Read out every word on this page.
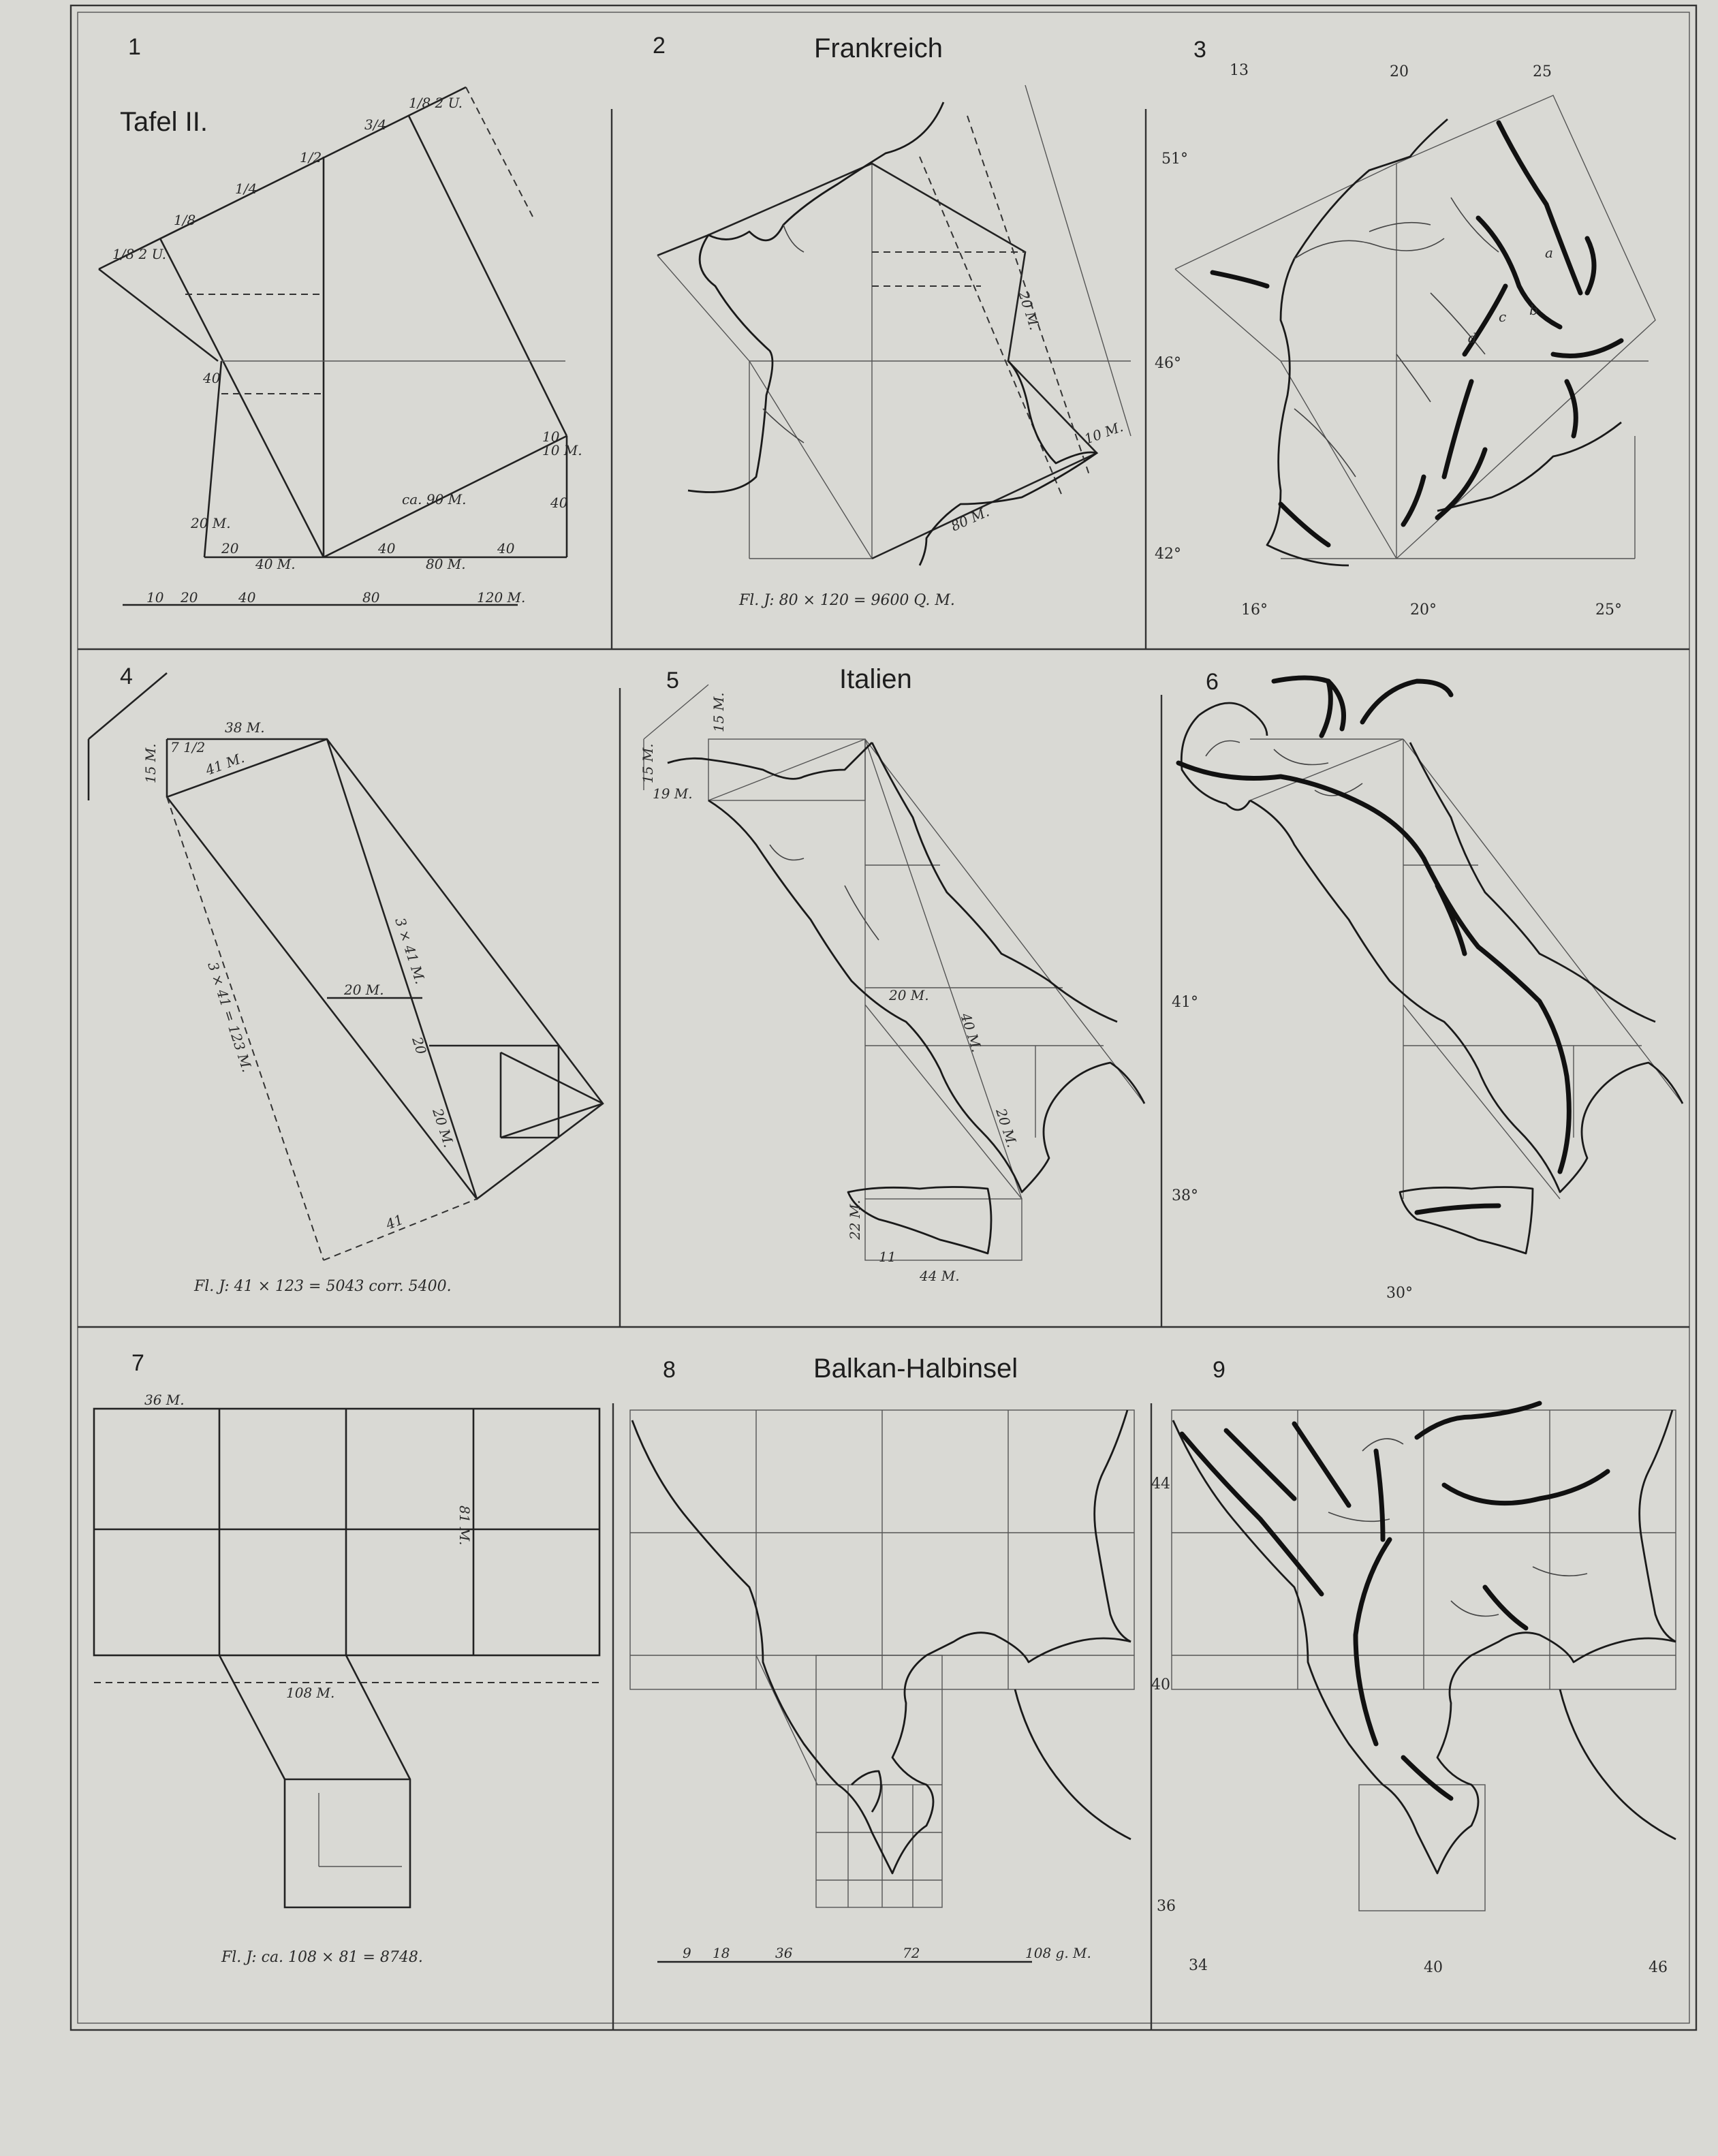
1	2	Frankreich	3
4	5	Italien	6
7	8	Balkan-Halbinsel	9
Tafel II.
1/8 2 U.
1/8
1/4
1/2
3/4
1/8 2 U.
40
20 M.
20
40 M.
ca. 90 M.
40
80 M.
40
10
10 M.
40
10 20	40	80	120 M.
20 M.
10 M.
80 M.
Fl. J: 80 × 120 = 9600 Q. M.
13	20	25
51°
46°
42°
16°	20°	25°
a
b
c
d
38 M.
7 1/2
15 M.	41 M.
3 × 41 M.
3 × 41 = 123 M.	20 M.
20
20 M.
41
Fl. J: 41 × 123 = 5043 corr. 5400.
15 M.
15 M.
19 M.
20 M.
40 M.
20 M.
22 M.
11
44 M.
41°
38°
30°
36 M.
81 M.
108 M.
Fl. J: ca. 108 × 81 = 8748.	9 18	36	72	108 g. M.
44
40
36
34	40	46
